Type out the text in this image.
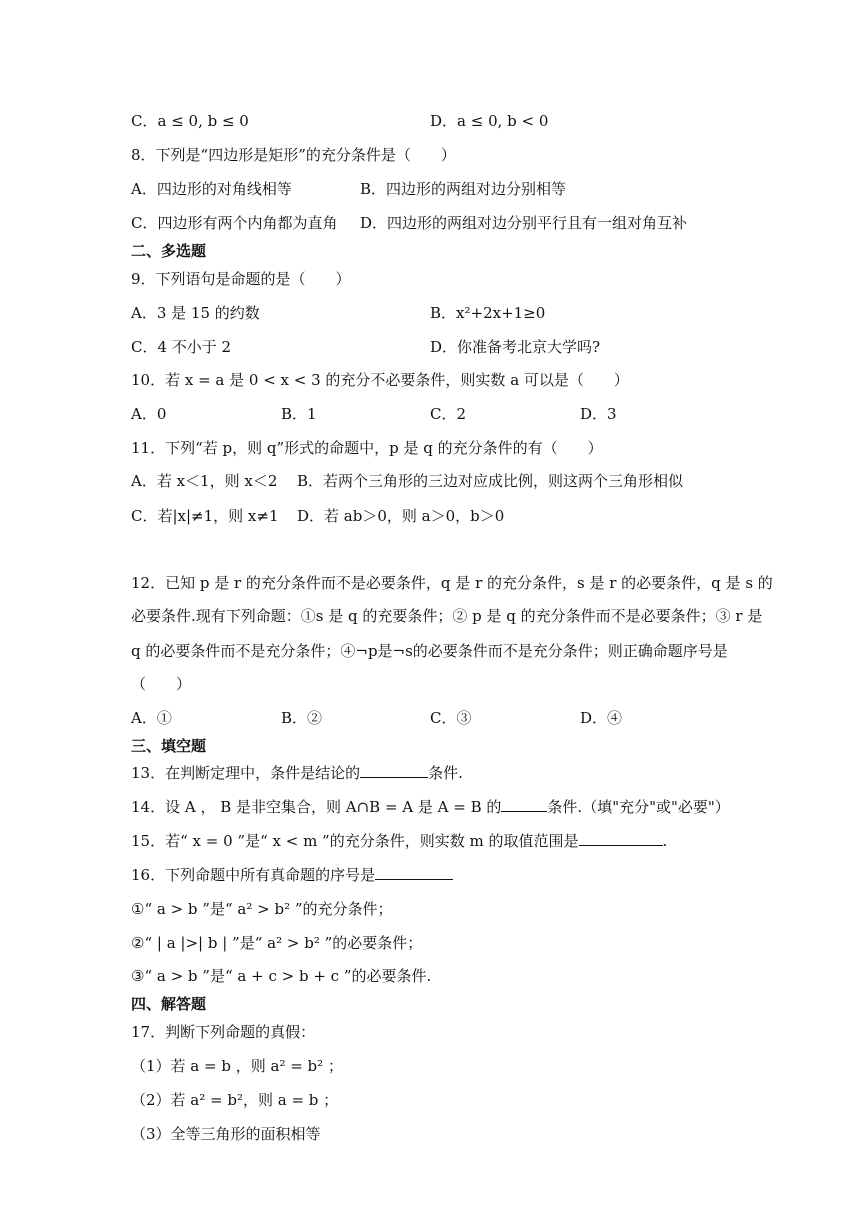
C．a ≤ 0, b ≤ 0	D．a ≤ 0, b < 0
8．下列是“四边形是矩形”的充分条件是（　　）
A．四边形的对角线相等	B．四边形的两组对边分别相等
C．四边形有两个内角都为直角 D．四边形的两组对边分别平行且有一组对角互补
二、多选题
9．下列语句是命题的是（　　）
A．3 是 15 的约数	B．x²+2x+1≥0
C．4 不小于 2	D．你准备考北京大学吗?
10．若 x = a 是 0 < x < 3 的充分不必要条件，则实数 a 可以是（　　）
A．0	B．1	C．2	D．3
11．下列“若 p，则 q”形式的命题中，p 是 q 的充分条件的有（　　）
A．若 x＜1，则 x＜2 B．若两个三角形的三边对应成比例，则这两个三角形相似
C．若|x|≠1，则 x≠1 D．若 ab＞0，则 a＞0，b＞0
12．已知 p 是 r 的充分条件而不是必要条件，q 是 r 的充分条件，s 是 r 的必要条件，q 是 s 的
必要条件.现有下列命题：①s 是 q 的充要条件；② p 是 q 的充分条件而不是必要条件；③ r 是
q 的必要条件而不是充分条件；④¬p是¬s的必要条件而不是充分条件；则正确命题序号是
（　　）
A．①	B．②	C．③	D．④
三、填空题
13．在判断定理中，条件是结论的	条件.
14．设 A ， B 是非空集合，则 A∩B = A 是 A = B 的	条件.（填"充分"或"必要"）
15．若“ x = 0 ”是“ x < m ”的充分条件，则实数 m 的取值范围是	.
16．下列命题中所有真命题的序号是
①“ a > b ”是“ a² > b² ”的充分条件；
②“ | a |>| b | ”是“ a² > b² ”的必要条件；
③“ a > b ”是“ a + c > b + c ”的必要条件.
四、解答题
17．判断下列命题的真假：
（1）若 a = b ，则 a² = b² ；
（2）若 a² = b²，则 a = b ；
（3）全等三角形的面积相等
